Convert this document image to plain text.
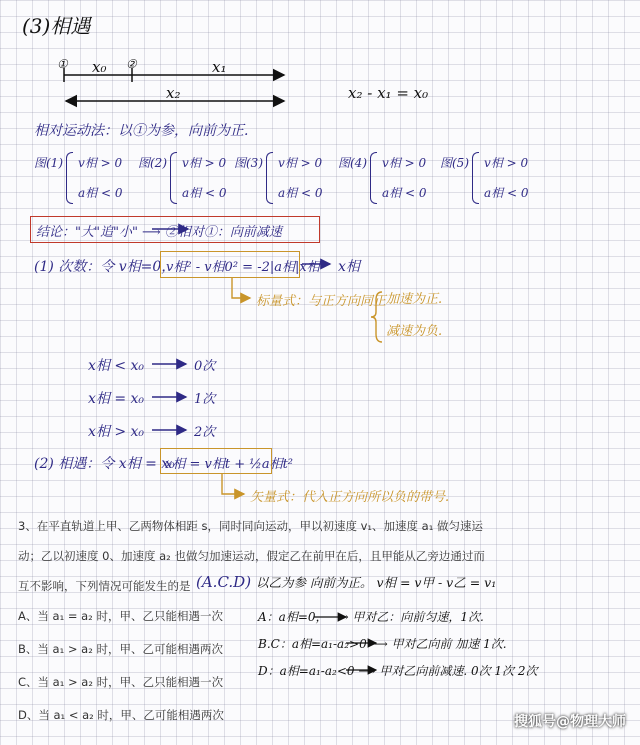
(3)相遇
①	②
x₀	x₁
x₂	x₂ - x₁ = x₀
相对运动法：以①为参，向前为正.
图(1) v相 > 0
a相 < 0
图(2) v相 > 0
a相 < 0
图(3) v相 > 0
a相 < 0
图(4) v相 > 0
a相 < 0
图(5) v相 > 0
a相 < 0
结论："大"追"小" ⟶ ②相对①：向前减速
(1) 次数：令 v相=0，
v相² - v相0² = -2|a相|x相 x相
标量式：与正方向同正 加速为正.
减速为负.
x相 < x₀	0次
x相 = x₀	1次
x相 > x₀	2次
(2) 相遇：令 x相 = x₀
x相 = v相t + ½a相t²
矢量式：代入正方向所以负的带号.
3、在平直轨道上甲、乙两物体相距 s，同时同向运动，甲以初速度 v₁、加速度 a₁ 做匀速运
动；乙以初速度 0、加速度 a₂ 也做匀加速运动，假定乙在前甲在后，且甲能从乙旁边通过而
互不影响，下列情况可能发生的是 (A.C.D)
A、当 a₁ = a₂ 时，甲、乙只能相遇一次
B、当 a₁ > a₂ 时，甲、乙可能相遇两次
C、当 a₁ > a₂ 时，甲、乙只能相遇一次
D、当 a₁ < a₂ 时，甲、乙可能相遇两次
以乙为参 向前为正。 v相 = v甲 - v乙 = v₁
A：a相=0， ⟶ 甲对乙：向前匀速，1次.
B.C：a相=a₁-a₂>0 ⟶ 甲对乙向前 加速 1次.
D：a相=a₁-a₂<0 ⟶ 甲对乙向前减速. 0次 1次 2次
搜狐号@物理大师
